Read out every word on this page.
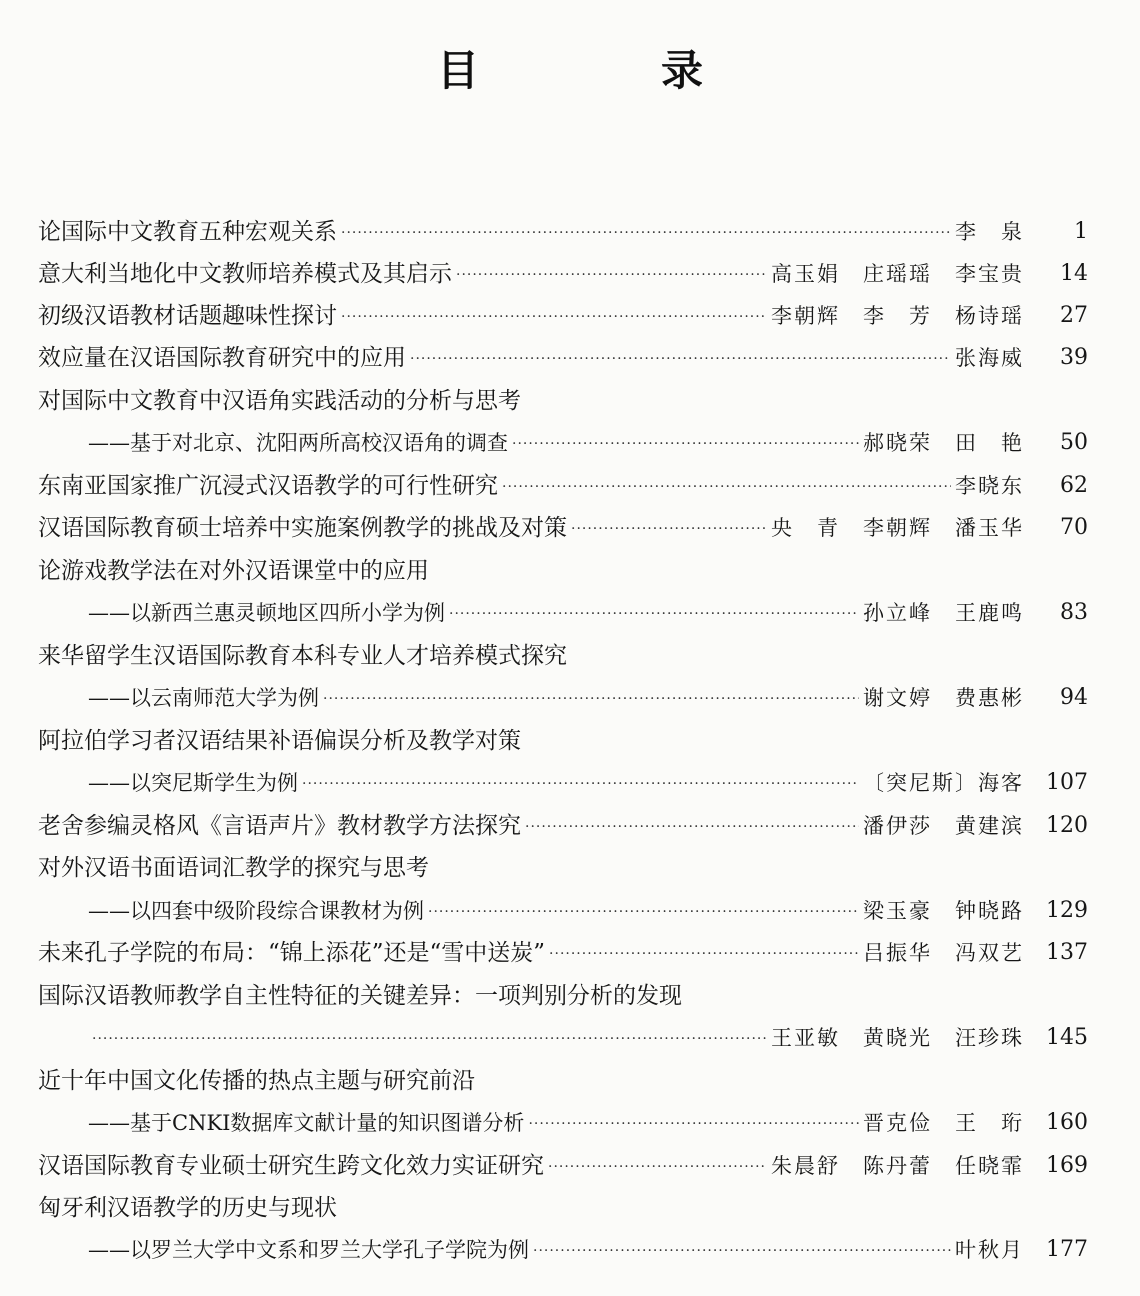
目　录
论国际中文教育五种宏观关系 ·····	李　泉	1
意大利当地化中文教师培养模式及其启示 ·····	高玉娟　庄瑶瑶　李宝贵	14
初级汉语教材话题趣味性探讨 ·····	李朝辉　李　芳　杨诗瑶	27
效应量在汉语国际教育研究中的应用 ·····	张海威	39
对国际中文教育中汉语角实践活动的分析与思考
——基于对北京、沈阳两所高校汉语角的调查 ·····	郝晓荣　田　艳	50
东南亚国家推广沉浸式汉语教学的可行性研究 ·····	李晓东	62
汉语国际教育硕士培养中实施案例教学的挑战及对策 ·····	央　青　李朝辉　潘玉华	70
论游戏教学法在对外汉语课堂中的应用
——以新西兰惠灵顿地区四所小学为例 ·····	孙立峰　王鹿鸣	83
来华留学生汉语国际教育本科专业人才培养模式探究
——以云南师范大学为例 ·····	谢文婷　费惠彬	94
阿拉伯学习者汉语结果补语偏误分析及教学对策
——以突尼斯学生为例 ·····	〔突尼斯〕海客	107
老舍参编灵格风《言语声片》教材教学方法探究 ·····	潘伊莎　黄建滨	120
对外汉语书面语词汇教学的探究与思考
——以四套中级阶段综合课教材为例 ·····	梁玉豪　钟晓路	129
未来孔子学院的布局：“锦上添花”还是“雪中送炭” ·····	吕振华　冯双艺	137
国际汉语教师教学自主性特征的关键差异：一项判别分析的发现
·····
王亚敏　黄晓光　汪珍珠	145
近十年中国文化传播的热点主题与研究前沿
——基于CNKI数据库文献计量的知识图谱分析 ·····	晋克俭　王　珩	160
汉语国际教育专业硕士研究生跨文化效力实证研究 ·····	朱晨舒　陈丹蕾　任晓霏	169
匈牙利汉语教学的历史与现状
——以罗兰大学中文系和罗兰大学孔子学院为例 ·····	叶秋月	177
